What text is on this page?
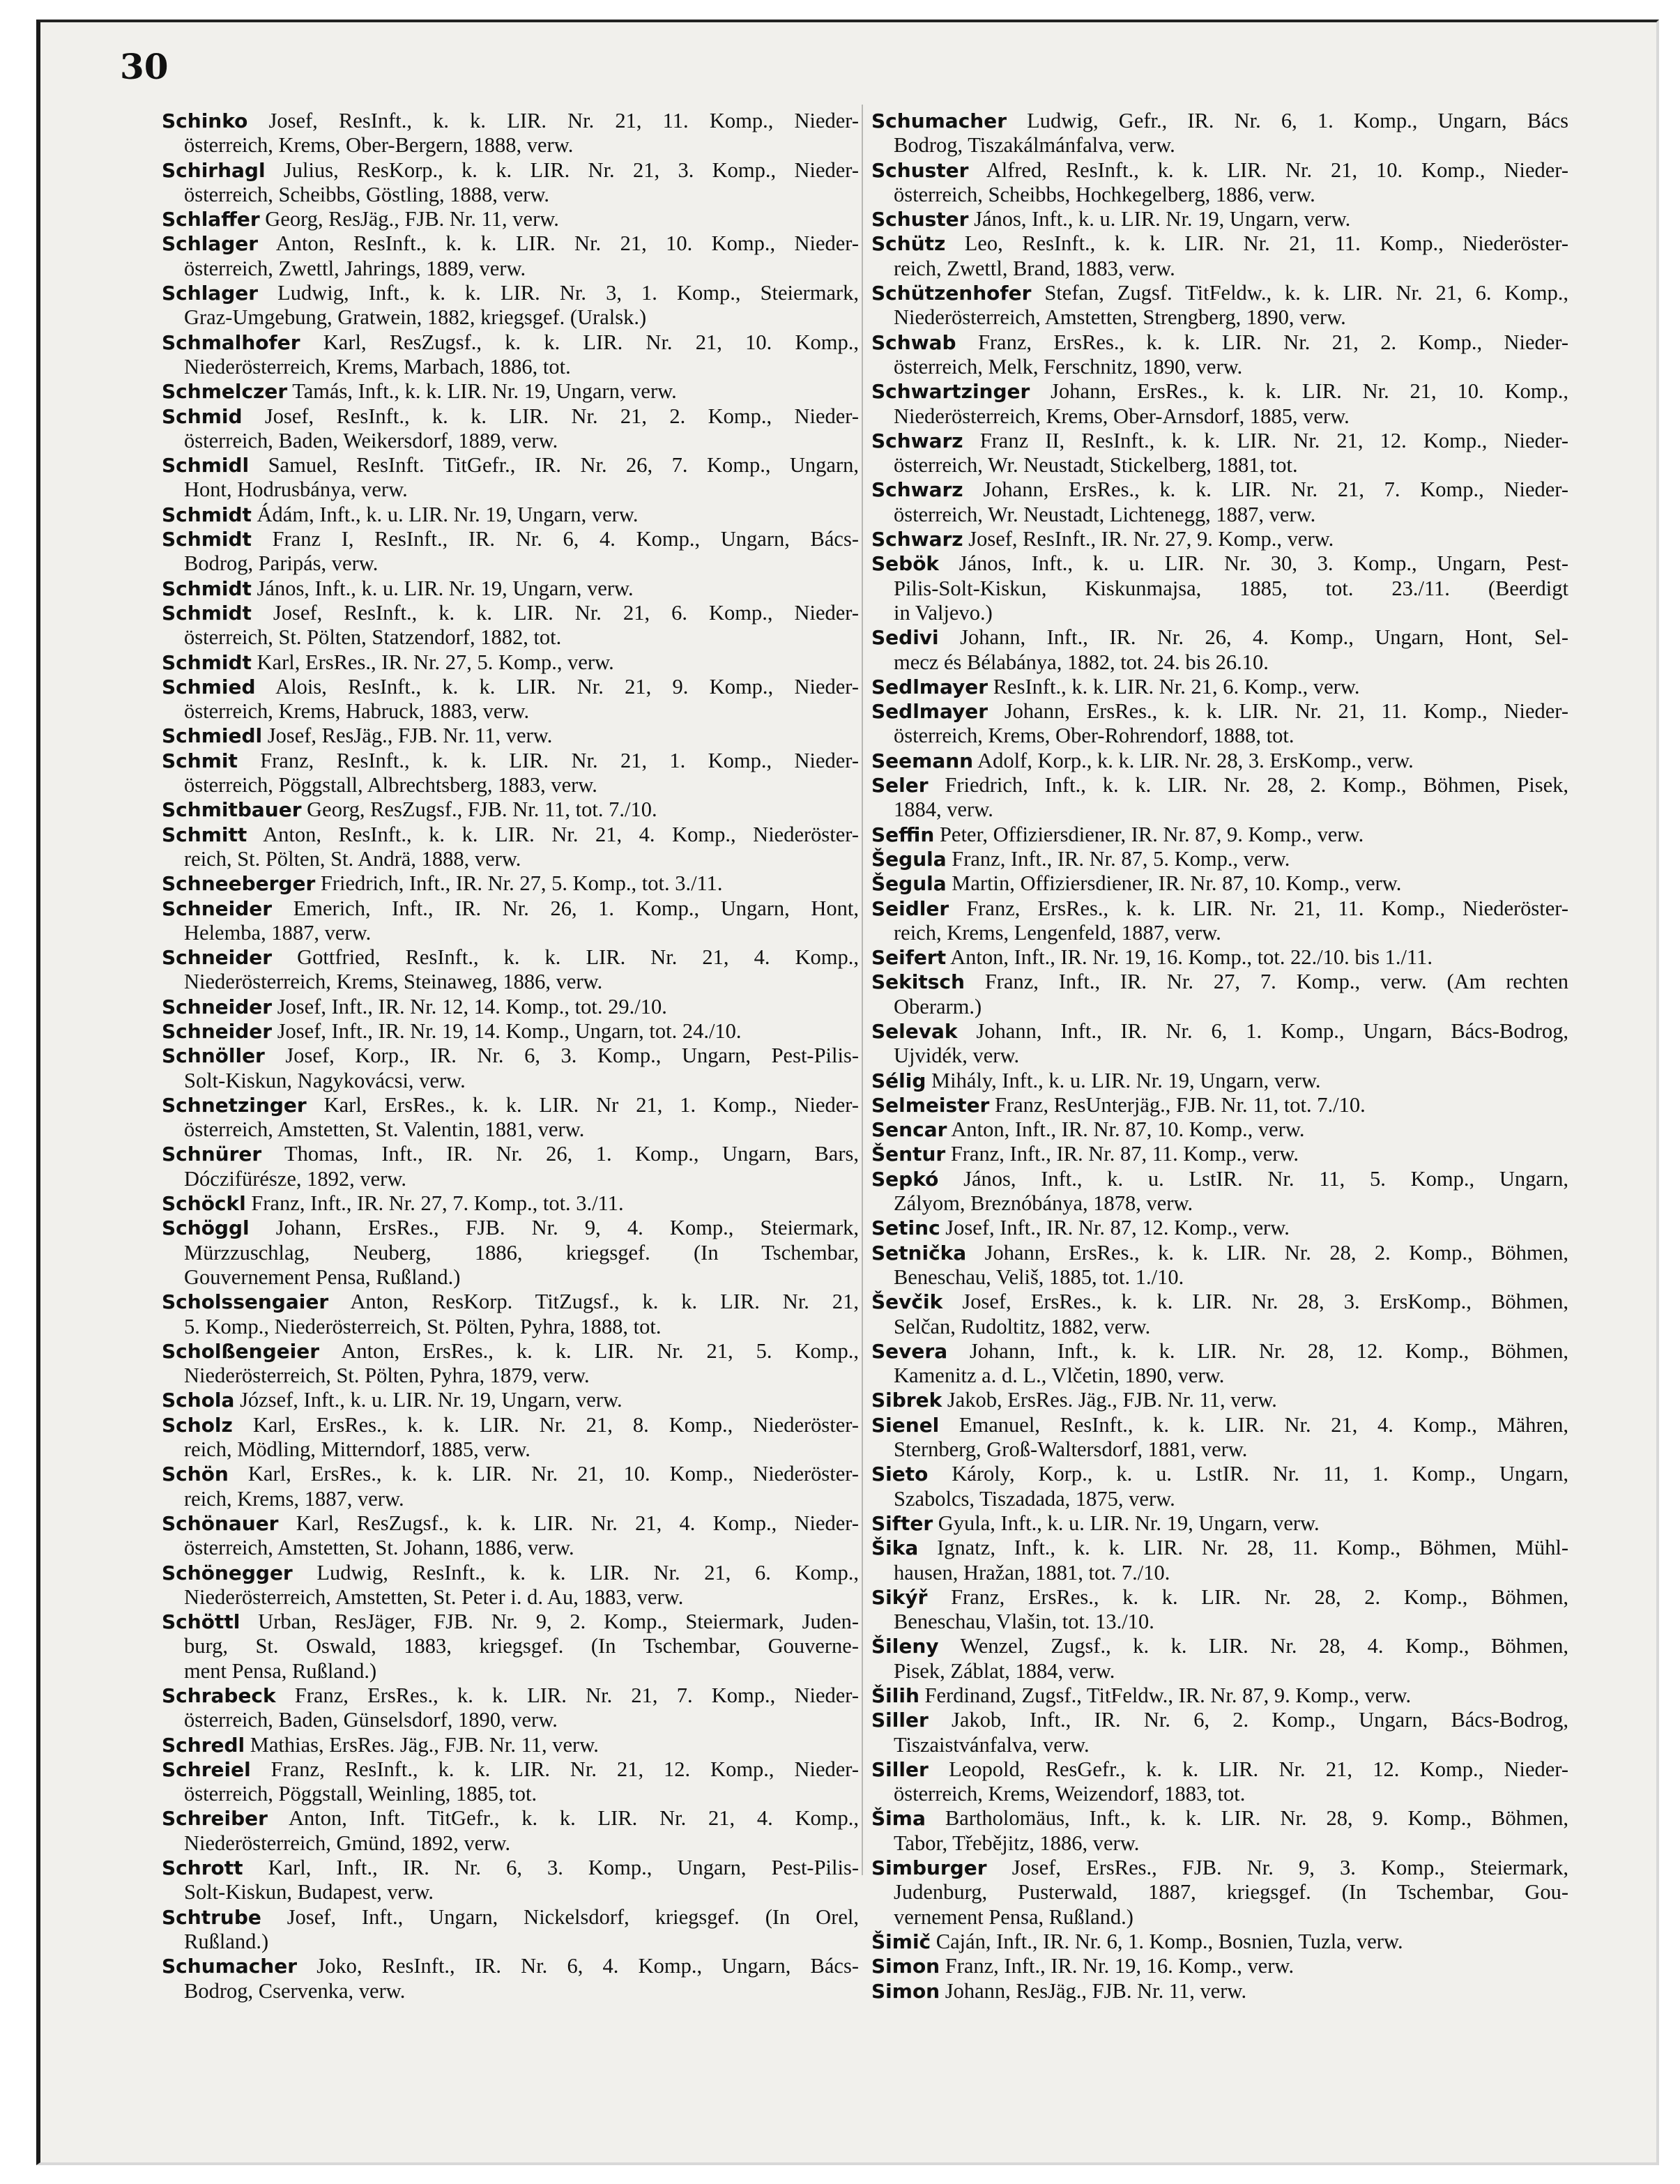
30
Schinko Josef, ResInft., k. k. LIR. Nr. 21, 11. Komp., Nieder-
österreich, Krems, Ober-Bergern, 1888, verw.
Schirhagl Julius, ResKorp., k. k. LIR. Nr. 21, 3. Komp., Nieder-
österreich, Scheibbs, Göstling, 1888, verw.
Schlaffer Georg, ResJäg., FJB. Nr. 11, verw.
Schlager Anton, ResInft., k. k. LIR. Nr. 21, 10. Komp., Nieder-
österreich, Zwettl, Jahrings, 1889, verw.
Schlager Ludwig, Inft., k. k. LIR. Nr. 3, 1. Komp., Steiermark,
Graz-Umgebung, Gratwein, 1882, kriegsgef. (Uralsk.)
Schmalhofer Karl, ResZugsf., k. k. LIR. Nr. 21, 10. Komp.,
Niederösterreich, Krems, Marbach, 1886, tot.
Schmelczer Tamás, Inft., k. k. LIR. Nr. 19, Ungarn, verw.
Schmid Josef, ResInft., k. k. LIR. Nr. 21, 2. Komp., Nieder-
österreich, Baden, Weikersdorf, 1889, verw.
Schmidl Samuel, ResInft. TitGefr., IR. Nr. 26, 7. Komp., Ungarn,
Hont, Hodrusbánya, verw.
Schmidt Ádám, Inft., k. u. LIR. Nr. 19, Ungarn, verw.
Schmidt Franz I, ResInft., IR. Nr. 6, 4. Komp., Ungarn, Bács-
Bodrog, Paripás, verw.
Schmidt János, Inft., k. u. LIR. Nr. 19, Ungarn, verw.
Schmidt Josef, ResInft., k. k. LIR. Nr. 21, 6. Komp., Nieder-
österreich, St. Pölten, Statzendorf, 1882, tot.
Schmidt Karl, ErsRes., IR. Nr. 27, 5. Komp., verw.
Schmied Alois, ResInft., k. k. LIR. Nr. 21, 9. Komp., Nieder-
österreich, Krems, Habruck, 1883, verw.
Schmiedl Josef, ResJäg., FJB. Nr. 11, verw.
Schmit Franz, ResInft., k. k. LIR. Nr. 21, 1. Komp., Nieder-
österreich, Pöggstall, Albrechtsberg, 1883, verw.
Schmitbauer Georg, ResZugsf., FJB. Nr. 11, tot. 7./10.
Schmitt Anton, ResInft., k. k. LIR. Nr. 21, 4. Komp., Niederöster-
reich, St. Pölten, St. Andrä, 1888, verw.
Schneeberger Friedrich, Inft., IR. Nr. 27, 5. Komp., tot. 3./11.
Schneider Emerich, Inft., IR. Nr. 26, 1. Komp., Ungarn, Hont,
Helemba, 1887, verw.
Schneider Gottfried, ResInft., k. k. LIR. Nr. 21, 4. Komp.,
Niederösterreich, Krems, Steinaweg, 1886, verw.
Schneider Josef, Inft., IR. Nr. 12, 14. Komp., tot. 29./10.
Schneider Josef, Inft., IR. Nr. 19, 14. Komp., Ungarn, tot. 24./10.
Schnöller Josef, Korp., IR. Nr. 6, 3. Komp., Ungarn, Pest-Pilis-
Solt-Kiskun, Nagykovácsi, verw.
Schnetzinger Karl, ErsRes., k. k. LIR. Nr 21, 1. Komp., Nieder-
österreich, Amstetten, St. Valentin, 1881, verw.
Schnürer Thomas, Inft., IR. Nr. 26, 1. Komp., Ungarn, Bars,
Dóczifürésze, 1892, verw.
Schöckl Franz, Inft., IR. Nr. 27, 7. Komp., tot. 3./11.
Schöggl Johann, ErsRes., FJB. Nr. 9, 4. Komp., Steiermark,
Mürzzuschlag, Neuberg, 1886, kriegsgef. (In Tschembar,
Gouvernement Pensa, Rußland.)
Scholssengaier Anton, ResKorp. TitZugsf., k. k. LIR. Nr. 21,
5. Komp., Niederösterreich, St. Pölten, Pyhra, 1888, tot.
Scholßengeier Anton, ErsRes., k. k. LIR. Nr. 21, 5. Komp.,
Niederösterreich, St. Pölten, Pyhra, 1879, verw.
Schola József, Inft., k. u. LIR. Nr. 19, Ungarn, verw.
Scholz Karl, ErsRes., k. k. LIR. Nr. 21, 8. Komp., Niederöster-
reich, Mödling, Mitterndorf, 1885, verw.
Schön Karl, ErsRes., k. k. LIR. Nr. 21, 10. Komp., Niederöster-
reich, Krems, 1887, verw.
Schönauer Karl, ResZugsf., k. k. LIR. Nr. 21, 4. Komp., Nieder-
österreich, Amstetten, St. Johann, 1886, verw.
Schönegger Ludwig, ResInft., k. k. LIR. Nr. 21, 6. Komp.,
Niederösterreich, Amstetten, St. Peter i. d. Au, 1883, verw.
Schöttl Urban, ResJäger, FJB. Nr. 9, 2. Komp., Steiermark, Juden-
burg, St. Oswald, 1883, kriegsgef. (In Tschembar, Gouverne-
ment Pensa, Rußland.)
Schrabeck Franz, ErsRes., k. k. LIR. Nr. 21, 7. Komp., Nieder-
österreich, Baden, Günselsdorf, 1890, verw.
Schredl Mathias, ErsRes. Jäg., FJB. Nr. 11, verw.
Schreiel Franz, ResInft., k. k. LIR. Nr. 21, 12. Komp., Nieder-
österreich, Pöggstall, Weinling, 1885, tot.
Schreiber Anton, Inft. TitGefr., k. k. LIR. Nr. 21, 4. Komp.,
Niederösterreich, Gmünd, 1892, verw.
Schrott Karl, Inft., IR. Nr. 6, 3. Komp., Ungarn, Pest-Pilis-
Solt-Kiskun, Budapest, verw.
Schtrube Josef, Inft., Ungarn, Nickelsdorf, kriegsgef. (In Orel,
Rußland.)
Schumacher Joko, ResInft., IR. Nr. 6, 4. Komp., Ungarn, Bács-
Bodrog, Cservenka, verw.
Schumacher Ludwig, Gefr., IR. Nr. 6, 1. Komp., Ungarn, Bács
Bodrog, Tiszakálmánfalva, verw.
Schuster Alfred, ResInft., k. k. LIR. Nr. 21, 10. Komp., Nieder-
österreich, Scheibbs, Hochkegelberg, 1886, verw.
Schuster János, Inft., k. u. LIR. Nr. 19, Ungarn, verw.
Schütz Leo, ResInft., k. k. LIR. Nr. 21, 11. Komp., Niederöster-
reich, Zwettl, Brand, 1883, verw.
Schützenhofer Stefan, Zugsf. TitFeldw., k. k. LIR. Nr. 21, 6. Komp.,
Niederösterreich, Amstetten, Strengberg, 1890, verw.
Schwab Franz, ErsRes., k. k. LIR. Nr. 21, 2. Komp., Nieder-
österreich, Melk, Ferschnitz, 1890, verw.
Schwartzinger Johann, ErsRes., k. k. LIR. Nr. 21, 10. Komp.,
Niederösterreich, Krems, Ober-Arnsdorf, 1885, verw.
Schwarz Franz II, ResInft., k. k. LIR. Nr. 21, 12. Komp., Nieder-
österreich, Wr. Neustadt, Stickelberg, 1881, tot.
Schwarz Johann, ErsRes., k. k. LIR. Nr. 21, 7. Komp., Nieder-
österreich, Wr. Neustadt, Lichtenegg, 1887, verw.
Schwarz Josef, ResInft., IR. Nr. 27, 9. Komp., verw.
Sebök János, Inft., k. u. LIR. Nr. 30, 3. Komp., Ungarn, Pest-
Pilis-Solt-Kiskun, Kiskunmajsa, 1885, tot. 23./11. (Beerdigt
in Valjevo.)
Sedivi Johann, Inft., IR. Nr. 26, 4. Komp., Ungarn, Hont, Sel-
mecz és Bélabánya, 1882, tot. 24. bis 26.10.
Sedlmayer ResInft., k. k. LIR. Nr. 21, 6. Komp., verw.
Sedlmayer Johann, ErsRes., k. k. LIR. Nr. 21, 11. Komp., Nieder-
österreich, Krems, Ober-Rohrendorf, 1888, tot.
Seemann Adolf, Korp., k. k. LIR. Nr. 28, 3. ErsKomp., verw.
Seler Friedrich, Inft., k. k. LIR. Nr. 28, 2. Komp., Böhmen, Pisek,
1884, verw.
Seffin Peter, Offiziersdiener, IR. Nr. 87, 9. Komp., verw.
Šegula Franz, Inft., IR. Nr. 87, 5. Komp., verw.
Šegula Martin, Offiziersdiener, IR. Nr. 87, 10. Komp., verw.
Seidler Franz, ErsRes., k. k. LIR. Nr. 21, 11. Komp., Niederöster-
reich, Krems, Lengenfeld, 1887, verw.
Seifert Anton, Inft., IR. Nr. 19, 16. Komp., tot. 22./10. bis 1./11.
Sekitsch Franz, Inft., IR. Nr. 27, 7. Komp., verw. (Am rechten
Oberarm.)
Selevak Johann, Inft., IR. Nr. 6, 1. Komp., Ungarn, Bács-Bodrog,
Ujvidék, verw.
Sélig Mihály, Inft., k. u. LIR. Nr. 19, Ungarn, verw.
Selmeister Franz, ResUnterjäg., FJB. Nr. 11, tot. 7./10.
Sencar Anton, Inft., IR. Nr. 87, 10. Komp., verw.
Šentur Franz, Inft., IR. Nr. 87, 11. Komp., verw.
Sepkó János, Inft., k. u. LstIR. Nr. 11, 5. Komp., Ungarn,
Zályom, Breznóbánya, 1878, verw.
Setinc Josef, Inft., IR. Nr. 87, 12. Komp., verw.
Setnička Johann, ErsRes., k. k. LIR. Nr. 28, 2. Komp., Böhmen,
Beneschau, Veliš, 1885, tot. 1./10.
Ševčik Josef, ErsRes., k. k. LIR. Nr. 28, 3. ErsKomp., Böhmen,
Selčan, Rudoltitz, 1882, verw.
Severa Johann, Inft., k. k. LIR. Nr. 28, 12. Komp., Böhmen,
Kamenitz a. d. L., Vlčetin, 1890, verw.
Sibrek Jakob, ErsRes. Jäg., FJB. Nr. 11, verw.
Sienel Emanuel, ResInft., k. k. LIR. Nr. 21, 4. Komp., Mähren,
Sternberg, Groß-Waltersdorf, 1881, verw.
Sieto Károly, Korp., k. u. LstIR. Nr. 11, 1. Komp., Ungarn,
Szabolcs, Tiszadada, 1875, verw.
Sifter Gyula, Inft., k. u. LIR. Nr. 19, Ungarn, verw.
Šika Ignatz, Inft., k. k. LIR. Nr. 28, 11. Komp., Böhmen, Mühl-
hausen, Hražan, 1881, tot. 7./10.
Sikýř Franz, ErsRes., k. k. LIR. Nr. 28, 2. Komp., Böhmen,
Beneschau, Vlašin, tot. 13./10.
Šileny Wenzel, Zugsf., k. k. LIR. Nr. 28, 4. Komp., Böhmen,
Pisek, Záblat, 1884, verw.
Šilih Ferdinand, Zugsf., TitFeldw., IR. Nr. 87, 9. Komp., verw.
Siller Jakob, Inft., IR. Nr. 6, 2. Komp., Ungarn, Bács-Bodrog,
Tiszaistvánfalva, verw.
Siller Leopold, ResGefr., k. k. LIR. Nr. 21, 12. Komp., Nieder-
österreich, Krems, Weizendorf, 1883, tot.
Šima Bartholomäus, Inft., k. k. LIR. Nr. 28, 9. Komp., Böhmen,
Tabor, Třebějitz, 1886, verw.
Simburger Josef, ErsRes., FJB. Nr. 9, 3. Komp., Steiermark,
Judenburg, Pusterwald, 1887, kriegsgef. (In Tschembar, Gou-
vernement Pensa, Rußland.)
Šimič Caján, Inft., IR. Nr. 6, 1. Komp., Bosnien, Tuzla, verw.
Simon Franz, Inft., IR. Nr. 19, 16. Komp., verw.
Simon Johann, ResJäg., FJB. Nr. 11, verw.
